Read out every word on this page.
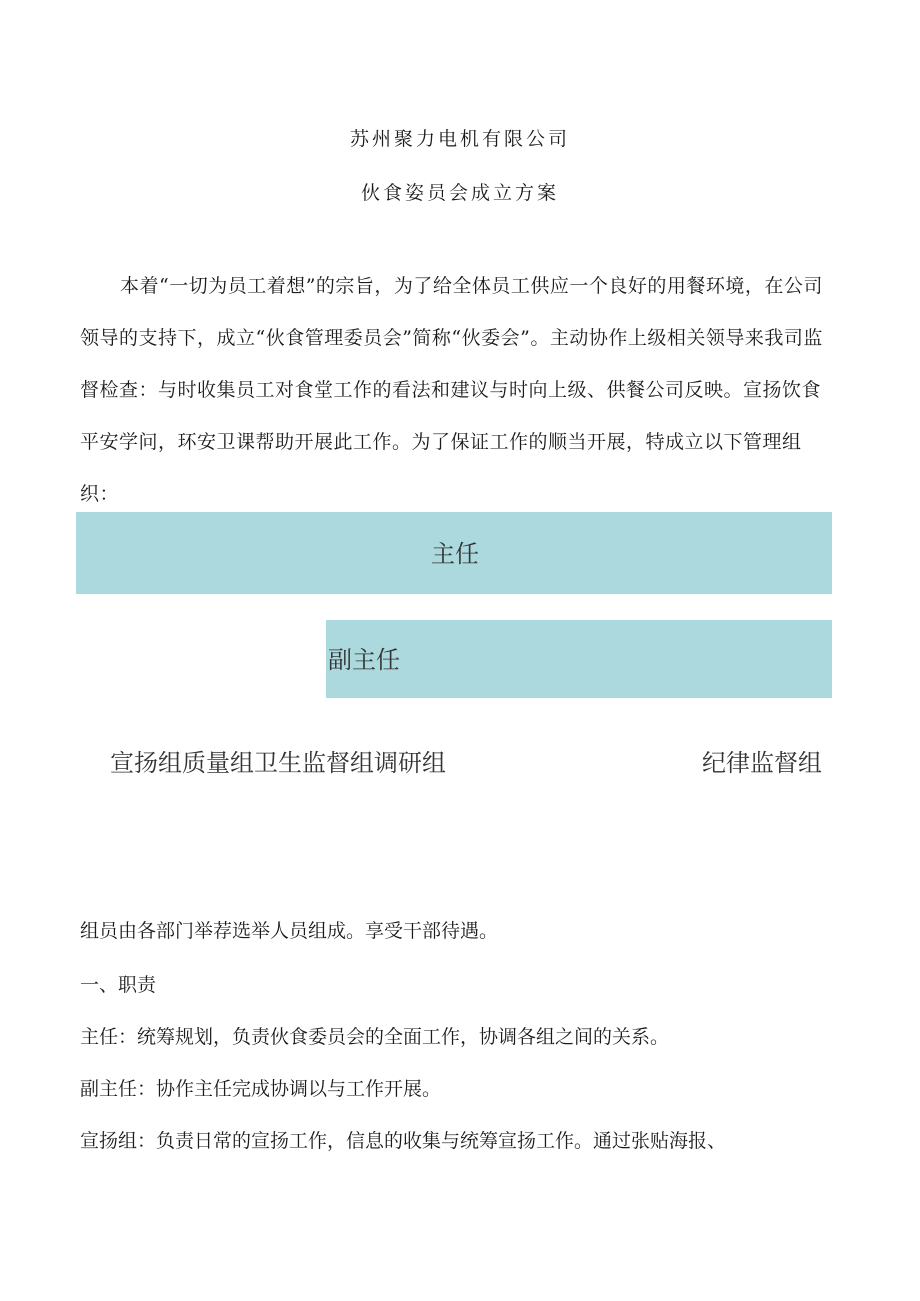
苏州聚力电机有限公司
伙食姿员会成立方案
本着“一切为员工着想”的宗旨，为了给全体员工供应一个良好的用餐环境，在公司领导的支持下，成立“伙食管理委员会”简称“伙委会”。主动协作上级相关领导来我司监督检查：与时收集员工对食堂工作的看法和建议与时向上级、供餐公司反映。宣扬饮食平安学问，环安卫课帮助开展此工作。为了保证工作的顺当开展，特成立以下管理组织：
主任
副主任
宣扬组质量组卫生监督组调研组	纪律监督组
组员由各部门举荐选举人员组成。享受干部待遇。
一、职责
主任：统筹规划，负责伙食委员会的全面工作，协调各组之间的关系。
副主任：协作主任完成协调以与工作开展。
宣扬组：负责日常的宣扬工作，信息的收集与统筹宣扬工作。通过张贴海报、
